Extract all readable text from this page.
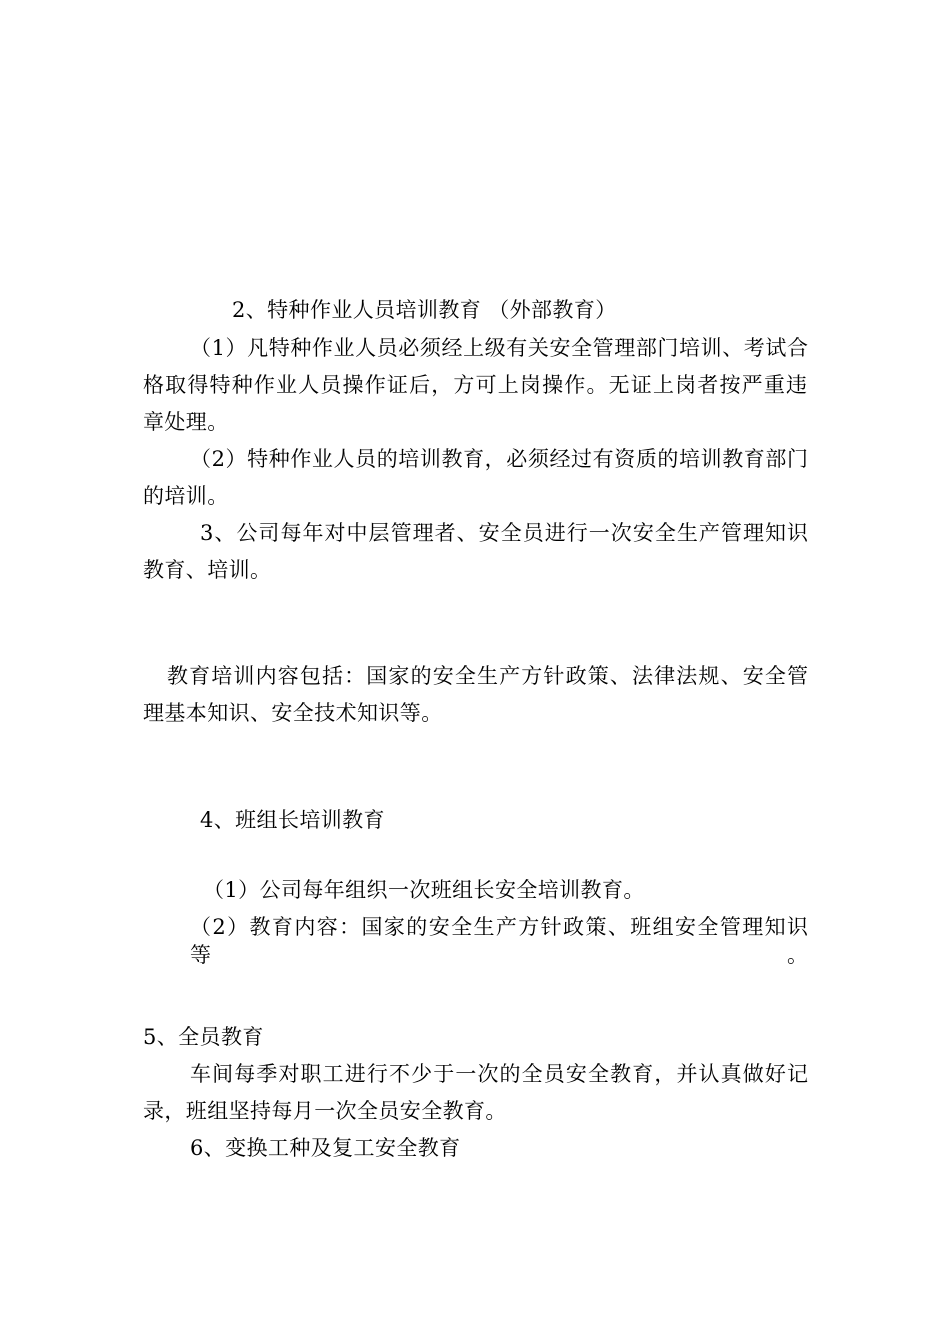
2、特种作业人员培训教育 （外部教育）
（1）凡特种作业人员必须经上级有关安全管理部门培训、考试合
格取得特种作业人员操作证后，方可上岗操作。无证上岗者按严重违
章处理。
（2）特种作业人员的培训教育，必须经过有资质的培训教育部门
的培训。
3、公司每年对中层管理者、安全员进行一次安全生产管理知识
教育、培训。
教育培训内容包括：国家的安全生产方针政策、法律法规、安全管
理基本知识、安全技术知识等。
4、班组长培训教育
（1）公司每年组织一次班组长安全培训教育。
（2）教育内容：国家的安全生产方针政策、班组安全管理知识等。
5、全员教育
车间每季对职工进行不少于一次的全员安全教育，并认真做好记
录，班组坚持每月一次全员安全教育。
6、变换工种及复工安全教育
